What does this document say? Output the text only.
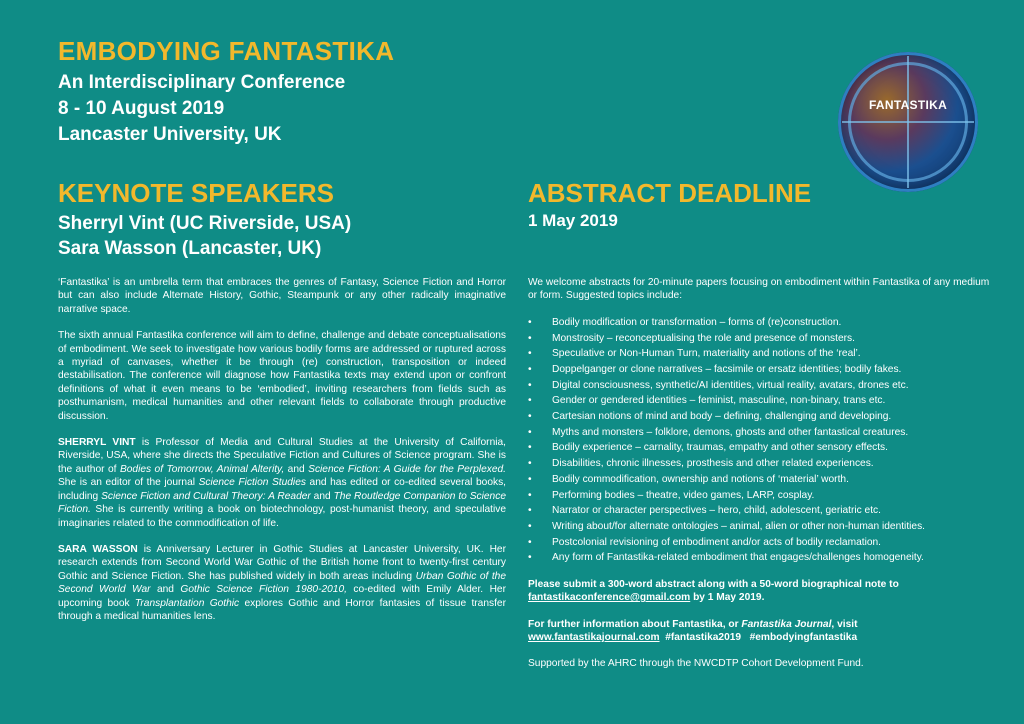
EMBODYING FANTASTIKA

An Interdisciplinary Conference

8 - 10 August 2019

Lancaster University, UK

FANTASTIKA
KEYNOTE SPEAKERS

Sherryl Vint (UC Riverside, USA)

Sara Wasson (Lancaster, UK)

ABSTRACT DEADLINE

1 May 2019

‘Fantastika’ is an umbrella term that embraces the genres of Fantasy, Science Fiction and Horror but can also include Alternate History, Gothic, Steampunk or any other radically imaginative narrative space.

The sixth annual Fantastika conference will aim to define, challenge and debate conceptualisations of embodiment. We seek to investigate how various bodily forms are addressed or ruptured across a myriad of canvases, whether it be through (re) construction, transposition or indeed destabilisation. The conference will diagnose how Fantastika texts may extend upon or confront definitions of what it even means to be ‘embodied’, inviting researchers from fields such as posthumanism, medical humanities and other relevant fields to collaborate through productive discussion.

SHERRYL VINT is Professor of Media and Cultural Studies at the University of California, Riverside, USA, where she directs the Speculative Fiction and Cultures of Science program. She is the author of Bodies of Tomorrow, Animal Alterity, and Science Fiction: A Guide for the Perplexed. She is an editor of the journal Science Fiction Studies and has edited or co-edited several books, including Science Fiction and Cultural Theory: A Reader and The Routledge Companion to Science Fiction. She is currently writing a book on biotechnology, post-humanist theory, and speculative imaginaries related to the commodification of life.

SARA WASSON is Anniversary Lecturer in Gothic Studies at Lancaster University, UK. Her research extends from Second World War Gothic of the British home front to twenty-first century Gothic and Science Fiction. She has published widely in both areas including Urban Gothic of the Second World War and Gothic Science Fiction 1980-2010, co-edited with Emily Alder. Her upcoming book Transplantation Gothic explores Gothic and Horror fantasies of tissue transfer through a medical humanities lens.

We welcome abstracts for 20-minute papers focusing on embodiment within Fantastika of any medium or form. Suggested topics include:

• Bodily modification or transformation – forms of (re)construction.
• Monstrosity – reconceptualising the role and presence of monsters.
• Speculative or Non-Human Turn, materiality and notions of the ‘real’.
• Doppelganger or clone narratives – facsimile or ersatz identities; bodily fakes.
• Digital consciousness, synthetic/AI identities, virtual reality, avatars, drones etc.
• Gender or gendered identities – feminist, masculine, non-binary, trans etc.
• Cartesian notions of mind and body – defining, challenging and developing.
• Myths and monsters – folklore, demons, ghosts and other fantastical creatures.
• Bodily experience – carnality, traumas, empathy and other sensory effects.
• Disabilities, chronic illnesses, prosthesis and other related experiences.
• Bodily commodification, ownership and notions of ‘material’ worth.
• Performing bodies – theatre, video games, LARP, cosplay.
• Narrator or character perspectives – hero, child, adolescent, geriatric etc.
• Writing about/for alternate ontologies – animal, alien or other non-human identities.
• Postcolonial revisioning of embodiment and/or acts of bodily reclamation.
• Any form of Fantastika-related embodiment that engages/challenges homogeneity.

Please submit a 300-word abstract along with a 50-word biographical note to fantastikaconference@gmail.com by 1 May 2019.

For further information about Fantastika, or Fantastika Journal, visit
www.fantastikajournal.com  #fantastika2019   #embodyingfantastika

Supported by the AHRC through the NWCDTP Cohort Development Fund.
